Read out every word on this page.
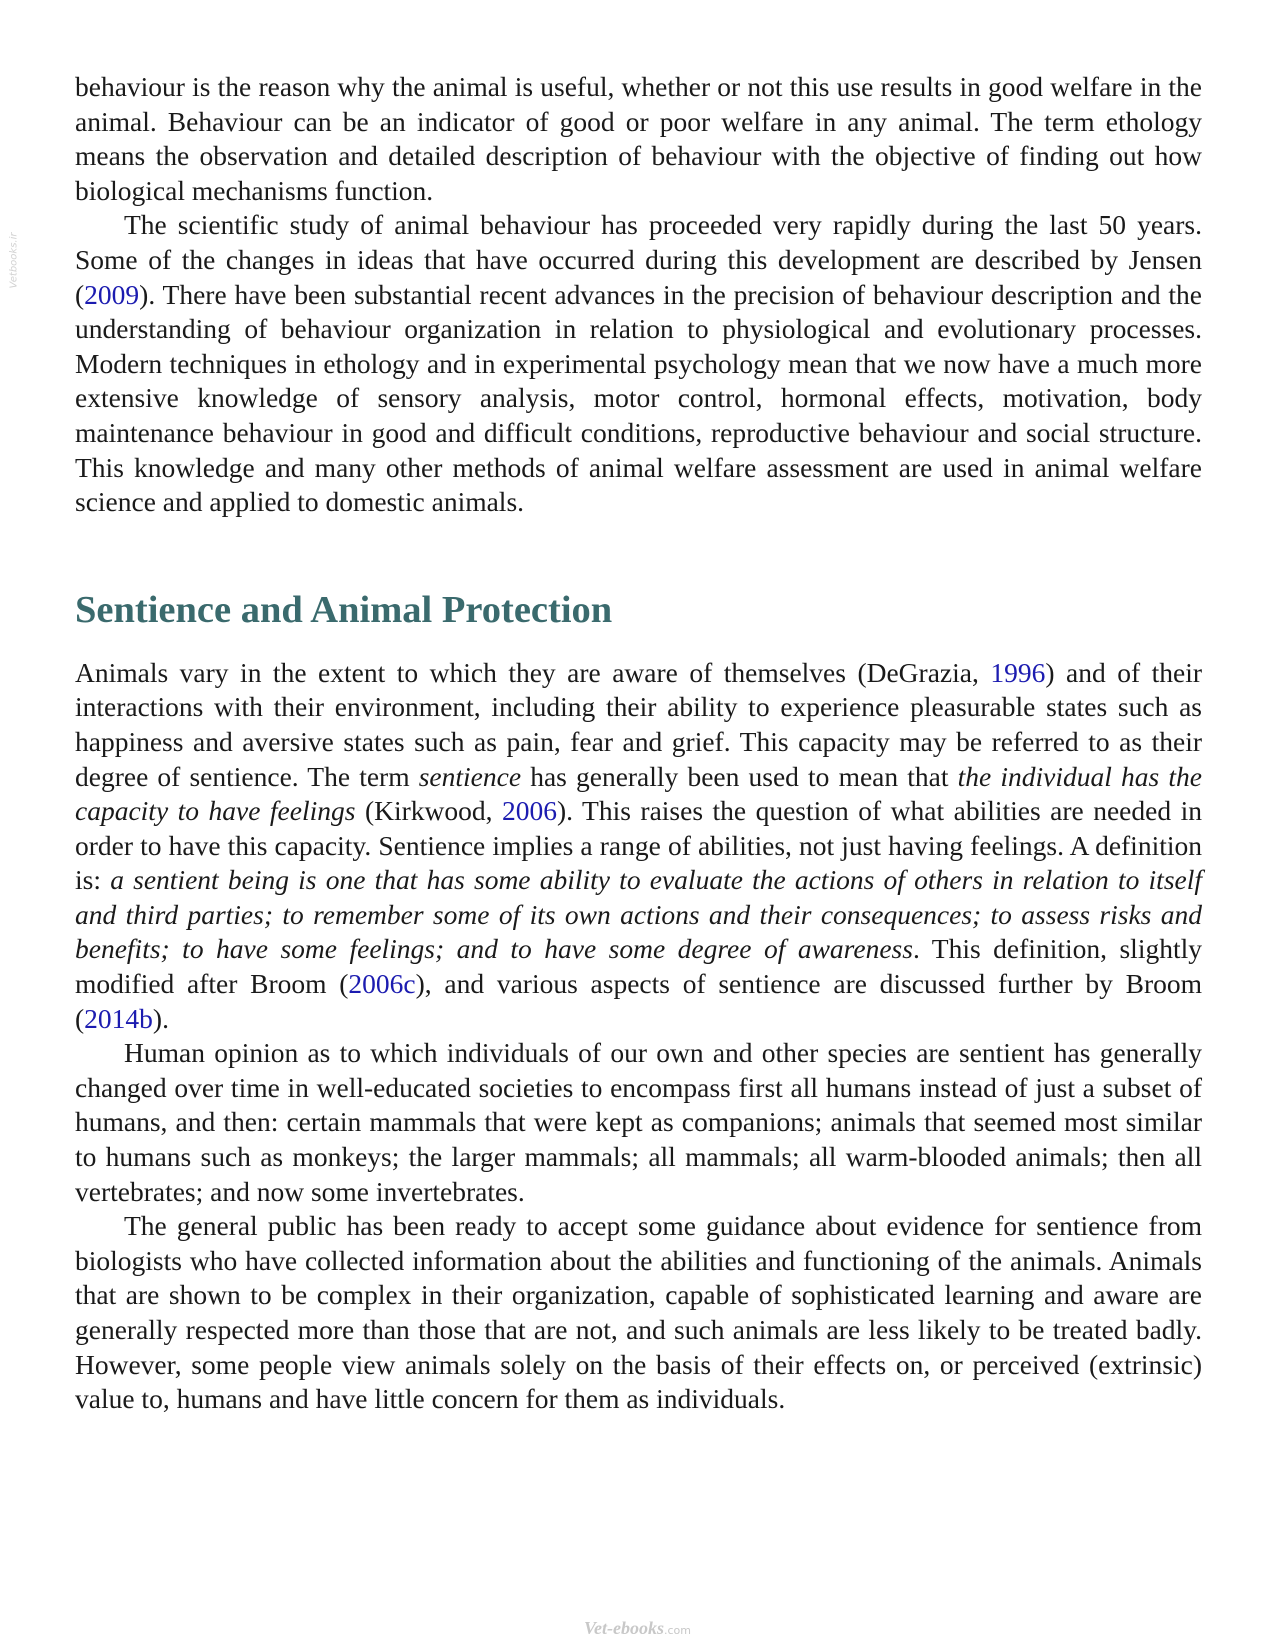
Vetbooks.ir

behaviour is the reason why the animal is useful, whether or not this use results in good welfare in the animal. Behaviour can be an indicator of good or poor welfare in any animal. The term ethology means the observation and detailed description of behaviour with the objective of finding out how biological mechanisms function.

The scientific study of animal behaviour has proceeded very rapidly during the last 50 years. Some of the changes in ideas that have occurred during this development are described by Jensen (2009). There have been substantial recent advances in the precision of behaviour description and the understanding of behaviour organization in relation to physiological and evolutionary processes. Modern techniques in ethology and in experimental psychology mean that we now have a much more extensive knowledge of sensory analysis, motor control, hormonal effects, motivation, body maintenance behaviour in good and difficult conditions, reproductive behaviour and social structure. This knowledge and many other methods of animal welfare assessment are used in animal welfare science and applied to domestic animals.

Sentience and Animal Protection

Animals vary in the extent to which they are aware of themselves (DeGrazia, 1996) and of their interactions with their environment, including their ability to experience pleasurable states such as happiness and aversive states such as pain, fear and grief. This capacity may be referred to as their degree of sentience. The term sentience has generally been used to mean that the individual has the capacity to have feelings (Kirkwood, 2006). This raises the question of what abilities are needed in order to have this capacity. Sentience implies a range of abilities, not just having feelings. A definition is: a sentient being is one that has some ability to evaluate the actions of others in relation to itself and third parties; to remember some of its own actions and their consequences; to assess risks and benefits; to have some feelings; and to have some degree of awareness. This definition, slightly modified after Broom (2006c), and various aspects of sentience are discussed further by Broom (2014b).

Human opinion as to which individuals of our own and other species are sentient has generally changed over time in well-educated societies to encompass first all humans instead of just a subset of humans, and then: certain mammals that were kept as companions; animals that seemed most similar to humans such as monkeys; the larger mammals; all mammals; all warm-blooded animals; then all vertebrates; and now some invertebrates.

The general public has been ready to accept some guidance about evidence for sentience from biologists who have collected information about the abilities and functioning of the animals. Animals that are shown to be complex in their organization, capable of sophisticated learning and aware are generally respected more than those that are not, and such animals are less likely to be treated badly. However, some people view animals solely on the basis of their effects on, or perceived (extrinsic) value to, humans and have little concern for them as individuals.

Vet-ebooks.com
